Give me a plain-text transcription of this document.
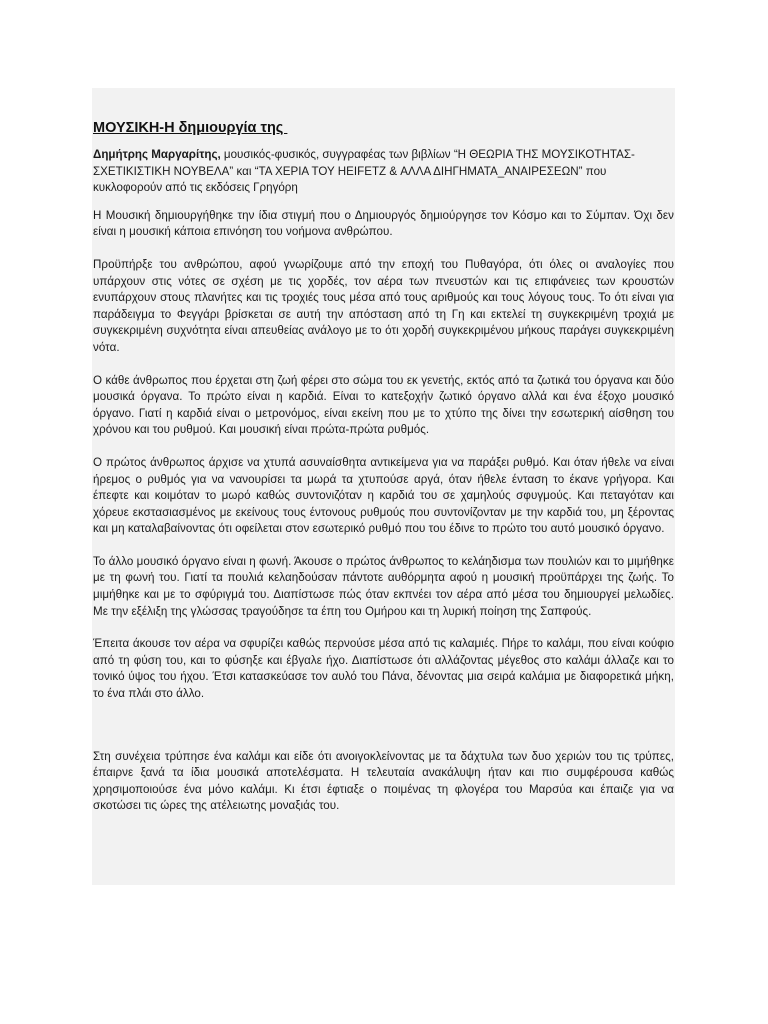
ΜΟΥΣΙΚΗ-Η δημιουργία της

Δημήτρης Μαργαρίτης, μουσικός-φυσικός, συγγραφέας των βιβλίων “Η ΘΕΩΡΙΑ ΤΗΣ ΜΟΥΣΙΚΟΤΗΤΑΣ-ΣΧΕΤΙΚΙΣΤΙΚΗ ΝΟΥΒΕΛΑ” και “ΤΑ ΧΕΡΙΑ ΤΟΥ HEIFETZ & ΑΛΛΑ ΔΙΗΓΗΜΑΤΑ_ΑΝΑΙΡΕΣΕΩΝ” που κυκλοφορούν από τις εκδόσεις Γρηγόρη

Η Μουσική δημιουργήθηκε την ίδια στιγμή που ο Δημιουργός δημιούργησε τον Κόσμο και το Σύμπαν. Όχι δεν είναι η μουσική κάποια επινόηση του νοήμονα ανθρώπου.

Προϋπήρξε του ανθρώπου, αφού γνωρίζουμε από την εποχή του Πυθαγόρα, ότι όλες οι αναλογίες που υπάρχουν στις νότες σε σχέση με τις χορδές, τον αέρα των πνευστών και τις επιφάνειες των κρουστών ενυπάρχουν στους πλανήτες και τις τροχιές τους μέσα από τους αριθμούς και τους λόγους τους. Το ότι είναι για παράδειγμα το Φεγγάρι βρίσκεται σε αυτή την απόσταση από τη Γη και εκτελεί τη συγκεκριμένη τροχιά με συγκεκριμένη συχνότητα είναι απευθείας ανάλογο με το ότι χορδή συγκεκριμένου μήκους παράγει συγκεκριμένη νότα.

Ο κάθε άνθρωπος που έρχεται στη ζωή φέρει στο σώμα του εκ γενετής, εκτός από τα ζωτικά του όργανα και δύο μουσικά όργανα. Το πρώτο είναι η καρδιά. Είναι το κατεξοχήν ζωτικό όργανο αλλά και ένα έξοχο μουσικό όργανο. Γιατί η καρδιά είναι ο μετρονόμος, είναι εκείνη που με το χτύπο της δίνει την εσωτερική αίσθηση του χρόνου και του ρυθμού. Και μουσική είναι πρώτα-πρώτα ρυθμός.

Ο πρώτος άνθρωπος άρχισε να χτυπά ασυναίσθητα αντικείμενα για να παράξει ρυθμό. Και όταν ήθελε να είναι ήρεμος ο ρυθμός για να νανουρίσει τα μωρά τα χτυπούσε αργά, όταν ήθελε ένταση το έκανε γρήγορα. Και έπεφτε και κοιμόταν το μωρό καθώς συντονιζόταν η καρδιά του σε χαμηλούς σφυγμούς. Και πεταγόταν και χόρευε εκστασιασμένος με εκείνους τους έντονους ρυθμούς που συντονίζονταν με την καρδιά του, μη ξέροντας και μη καταλαβαίνοντας ότι οφείλεται στον εσωτερικό ρυθμό που του έδινε το πρώτο του αυτό μουσικό όργανο.

Το άλλο μουσικό όργανο είναι η φωνή. Άκουσε ο πρώτος άνθρωπος το κελάηδισμα των πουλιών και το μιμήθηκε με τη φωνή του. Γιατί τα πουλιά κελαηδούσαν πάντοτε αυθόρμητα αφού η μουσική προϋπάρχει της ζωής. Το μιμήθηκε και με το σφύριγμά του. Διαπίστωσε πώς όταν εκπνέει τον αέρα από μέσα του δημιουργεί μελωδίες. Με την εξέλιξη της γλώσσας τραγούδησε τα έπη του Ομήρου και τη λυρική ποίηση της Σαπφούς.

Έπειτα άκουσε τον αέρα να σφυρίζει καθώς περνούσε μέσα από τις καλαμιές. Πήρε το καλάμι, που είναι κούφιο από τη φύση του, και το φύσηξε και έβγαλε ήχο. Διαπίστωσε ότι αλλάζοντας μέγεθος στο καλάμι άλλαζε και το τονικό ύψος του ήχου. Έτσι κατασκεύασε τον αυλό του Πάνα, δένοντας μια σειρά καλάμια με διαφορετικά μήκη, το ένα πλάι στο άλλο.

Στη συνέχεια τρύπησε ένα καλάμι και είδε ότι ανοιγοκλείνοντας με τα δάχτυλα των δυο χεριών του τις τρύπες, έπαιρνε ξανά τα ίδια μουσικά αποτελέσματα. Η τελευταία ανακάλυψη ήταν και πιο συμφέρουσα καθώς χρησιμοποιούσε ένα μόνο καλάμι. Κι έτσι έφτιαξε ο ποιμένας τη φλογέρα του Μαρσύα και έπαιζε για να σκοτώσει τις ώρες της ατέλειωτης μοναξιάς του.
